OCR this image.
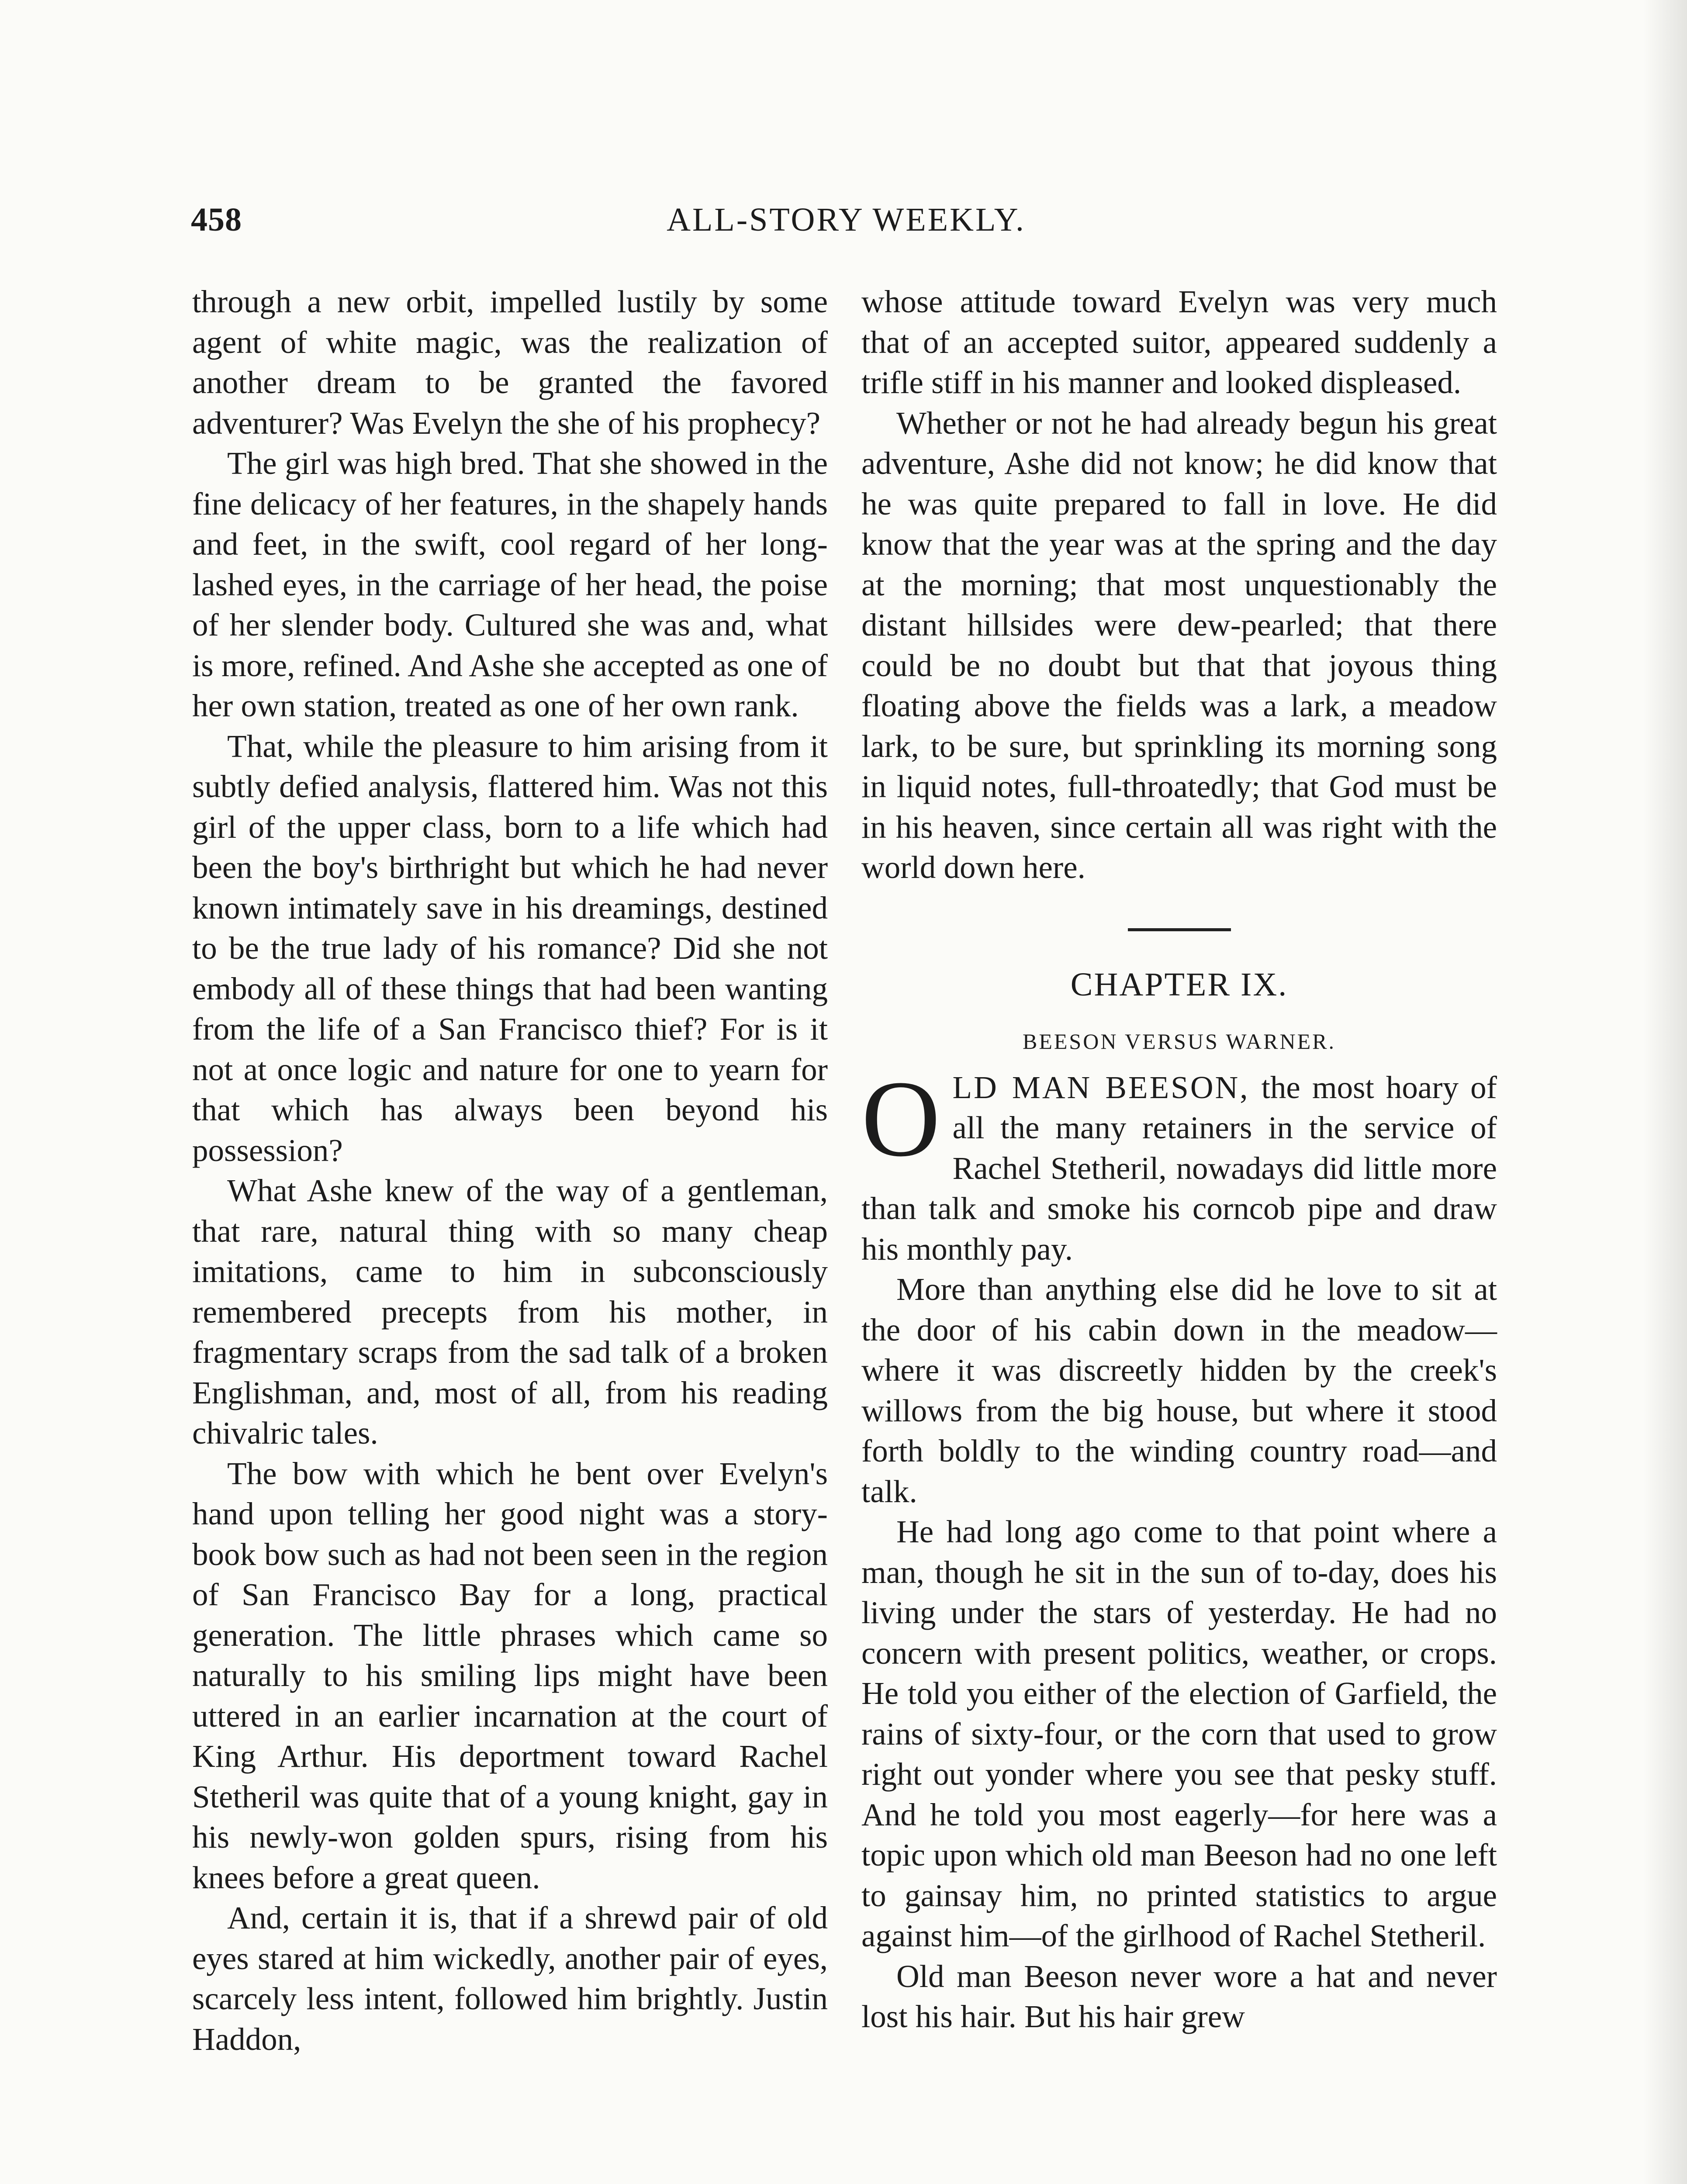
458	ALL-STORY WEEKLY.

through a new orbit, impelled lustily by some agent of white magic, was the realization of another dream to be granted the favored adventurer? Was Evelyn the she of his prophecy?

The girl was high bred. That she showed in the fine delicacy of her features, in the shapely hands and feet, in the swift, cool regard of her long-lashed eyes, in the carriage of her head, the poise of her slender body. Cultured she was and, what is more, refined. And Ashe she accepted as one of her own station, treated as one of her own rank.

That, while the pleasure to him arising from it subtly defied analysis, flattered him. Was not this girl of the upper class, born to a life which had been the boy's birthright but which he had never known intimately save in his dreamings, destined to be the true lady of his romance? Did she not embody all of these things that had been wanting from the life of a San Francisco thief? For is it not at once logic and nature for one to yearn for that which has always been beyond his possession?

What Ashe knew of the way of a gentleman, that rare, natural thing with so many cheap imitations, came to him in subconsciously remembered precepts from his mother, in fragmentary scraps from the sad talk of a broken Englishman, and, most of all, from his reading chivalric tales.

The bow with which he bent over Evelyn's hand upon telling her good night was a story-book bow such as had not been seen in the region of San Francisco Bay for a long, practical generation. The little phrases which came so naturally to his smiling lips might have been uttered in an earlier incarnation at the court of King Arthur. His deportment toward Rachel Stetheril was quite that of a young knight, gay in his newly-won golden spurs, rising from his knees before a great queen.

And, certain it is, that if a shrewd pair of old eyes stared at him wickedly, another pair of eyes, scarcely less intent, followed him brightly. Justin Haddon,

whose attitude toward Evelyn was very much that of an accepted suitor, appeared suddenly a trifle stiff in his manner and looked displeased.

Whether or not he had already begun his great adventure, Ashe did not know; he did know that he was quite prepared to fall in love. He did know that the year was at the spring and the day at the morning; that most unquestionably the distant hillsides were dew-pearled; that there could be no doubt but that that joyous thing floating above the fields was a lark, a meadow lark, to be sure, but sprinkling its morning song in liquid notes, full-throatedly; that God must be in his heaven, since certain all was right with the world down here.

CHAPTER IX.
BEESON VERSUS WARNER.

OLD MAN BEESON, the most hoary of all the many retainers in the service of Rachel Stetheril, nowadays did little more than talk and smoke his corncob pipe and draw his monthly pay.

More than anything else did he love to sit at the door of his cabin down in the meadow—where it was discreetly hidden by the creek's willows from the big house, but where it stood forth boldly to the winding country road—and talk.

He had long ago come to that point where a man, though he sit in the sun of to-day, does his living under the stars of yesterday. He had no concern with present politics, weather, or crops. He told you either of the election of Garfield, the rains of sixty-four, or the corn that used to grow right out yonder where you see that pesky stuff. And he told you most eagerly—for here was a topic upon which old man Beeson had no one left to gainsay him, no printed statistics to argue against him—of the girlhood of Rachel Stetheril.

Old man Beeson never wore a hat and never lost his hair. But his hair grew
